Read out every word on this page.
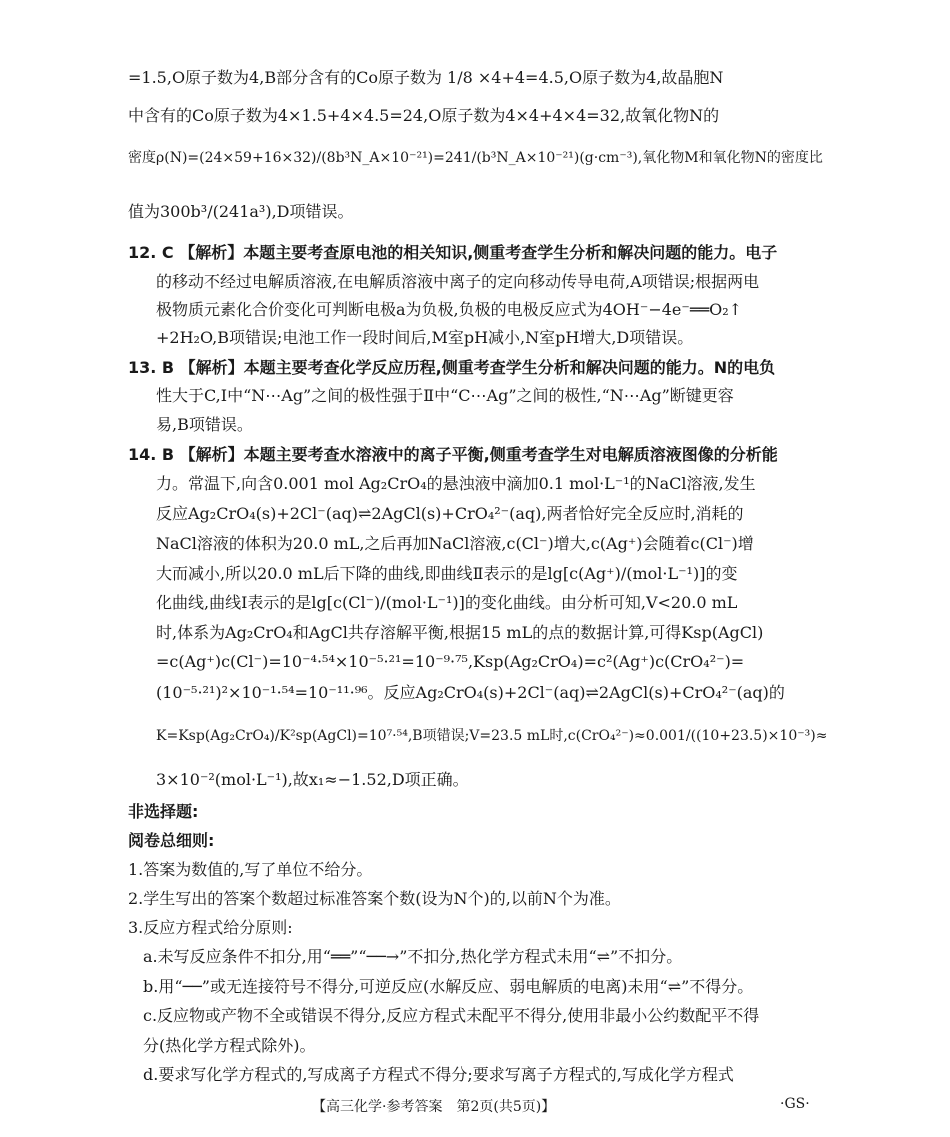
=1.5,O原子数为4,B部分含有的Co原子数为 1/8 ×4+4=4.5,O原子数为4,故晶胞N
中含有的Co原子数为4×1.5+4×4.5=24,O原子数为4×4+4×4=32,故氧化物N的
密度ρ(N)=(24×59+16×32)/(8b³N_A×10⁻²¹)=241/(b³N_A×10⁻²¹)(g·cm⁻³),氧化物M和氧化物N的密度比
值为300b³/(241a³),D项错误。
12. C 【解析】本题主要考查原电池的相关知识,侧重考查学生分析和解决问题的能力。电子
的移动不经过电解质溶液,在电解质溶液中离子的定向移动传导电荷,A项错误;根据两电
极物质元素化合价变化可判断电极a为负极,负极的电极反应式为4OH⁻−4e⁻══O₂↑
+2H₂O,B项错误;电池工作一段时间后,M室pH减小,N室pH增大,D项错误。
13. B 【解析】本题主要考查化学反应历程,侧重考查学生分析和解决问题的能力。N的电负
性大于C,Ⅰ中“N⋯Ag”之间的极性强于Ⅱ中“C⋯Ag”之间的极性,“N⋯Ag”断键更容
易,B项错误。
14. B 【解析】本题主要考查水溶液中的离子平衡,侧重考查学生对电解质溶液图像的分析能
力。常温下,向含0.001 mol Ag₂CrO₄的悬浊液中滴加0.1 mol·L⁻¹的NaCl溶液,发生
反应Ag₂CrO₄(s)+2Cl⁻(aq)⇌2AgCl(s)+CrO₄²⁻(aq),两者恰好完全反应时,消耗的
NaCl溶液的体积为20.0 mL,之后再加NaCl溶液,c(Cl⁻)增大,c(Ag⁺)会随着c(Cl⁻)增
大而减小,所以20.0 mL后下降的曲线,即曲线Ⅱ表示的是lg[c(Ag⁺)/(mol·L⁻¹)]的变
化曲线,曲线Ⅰ表示的是lg[c(Cl⁻)/(mol·L⁻¹)]的变化曲线。由分析可知,V<20.0 mL
时,体系为Ag₂CrO₄和AgCl共存溶解平衡,根据15 mL的点的数据计算,可得Ksp(AgCl)
=c(Ag⁺)c(Cl⁻)=10⁻⁴·⁵⁴×10⁻⁵·²¹=10⁻⁹·⁷⁵,Ksp(Ag₂CrO₄)=c²(Ag⁺)c(CrO₄²⁻)=
(10⁻⁵·²¹)²×10⁻¹·⁵⁴=10⁻¹¹·⁹⁶。反应Ag₂CrO₄(s)+2Cl⁻(aq)⇌2AgCl(s)+CrO₄²⁻(aq)的
K=Ksp(Ag₂CrO₄)/K²sp(AgCl)=10⁷·⁵⁴,B项错误;V=23.5 mL时,c(CrO₄²⁻)≈0.001/((10+23.5)×10⁻³)≈
3×10⁻²(mol·L⁻¹),故x₁≈−1.52,D项正确。
非选择题:
阅卷总细则:
1.答案为数值的,写了单位不给分。
2.学生写出的答案个数超过标准答案个数(设为N个)的,以前N个为准。
3.反应方程式给分原则:
a.未写反应条件不扣分,用“══”“──→”不扣分,热化学方程式未用“⇌”不扣分。
b.用“──”或无连接符号不得分,可逆反应(水解反应、弱电解质的电离)未用“⇌”不得分。
c.反应物或产物不全或错误不得分,反应方程式未配平不得分,使用非最小公约数配平不得
分(热化学方程式除外)。
d.要求写化学方程式的,写成离子方程式不得分;要求写离子方程式的,写成化学方程式
【高三化学·参考答案　第2页(共5页)】	·GS·
